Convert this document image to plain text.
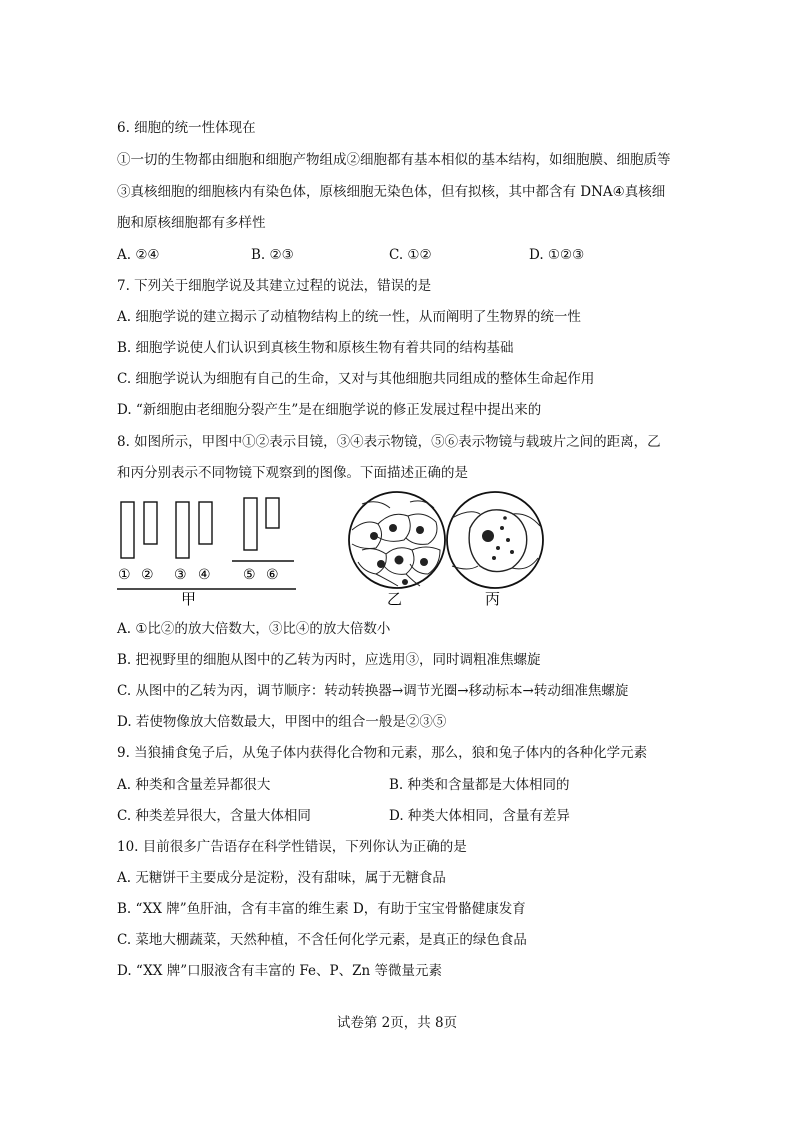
6. 细胞的统一性体现在
①一切的生物都由细胞和细胞产物组成②细胞都有基本相似的基本结构，如细胞膜、细胞质等
③真核细胞的细胞核内有染色体，原核细胞无染色体，但有拟核，其中都含有 DNA④真核细
胞和原核细胞都有多样性
A. ②④	B. ②③	C. ①②	D. ①②③
7. 下列关于细胞学说及其建立过程的说法，错误的是
A. 细胞学说的建立揭示了动植物结构上的统一性，从而阐明了生物界的统一性
B. 细胞学说使人们认识到真核生物和原核生物有着共同的结构基础
C. 细胞学说认为细胞有自己的生命，又对与其他细胞共同组成的整体生命起作用
D. “新细胞由老细胞分裂产生”是在细胞学说的修正发展过程中提出来的
8. 如图所示，甲图中①②表示目镜，③④表示物镜，⑤⑥表示物镜与载玻片之间的距离，乙
和丙分别表示不同物镜下观察到的图像。下面描述正确的是
① ② ③ ④ ⑤ ⑥
甲	乙	丙
A. ①比②的放大倍数大，③比④的放大倍数小
B. 把视野里的细胞从图中的乙转为丙时，应选用③，同时调粗准焦螺旋
C. 从图中的乙转为丙，调节顺序：转动转换器→调节光圈→移动标本→转动细准焦螺旋
D. 若使物像放大倍数最大，甲图中的组合一般是②③⑤
9. 当狼捕食兔子后，从兔子体内获得化合物和元素，那么，狼和兔子体内的各种化学元素
A. 种类和含量差异都很大	B. 种类和含量都是大体相同的
C. 种类差异很大，含量大体相同	D. 种类大体相同，含量有差异
10. 目前很多广告语存在科学性错误，下列你认为正确的是
A. 无糖饼干主要成分是淀粉，没有甜味，属于无糖食品
B. “XX 牌”鱼肝油，含有丰富的维生素 D，有助于宝宝骨骼健康发育
C. 菜地大棚蔬菜，天然种植，不含任何化学元素，是真正的绿色食品
D. “XX 牌”口服液含有丰富的 Fe、P、Zn 等微量元素
试卷第 2页，共 8页
